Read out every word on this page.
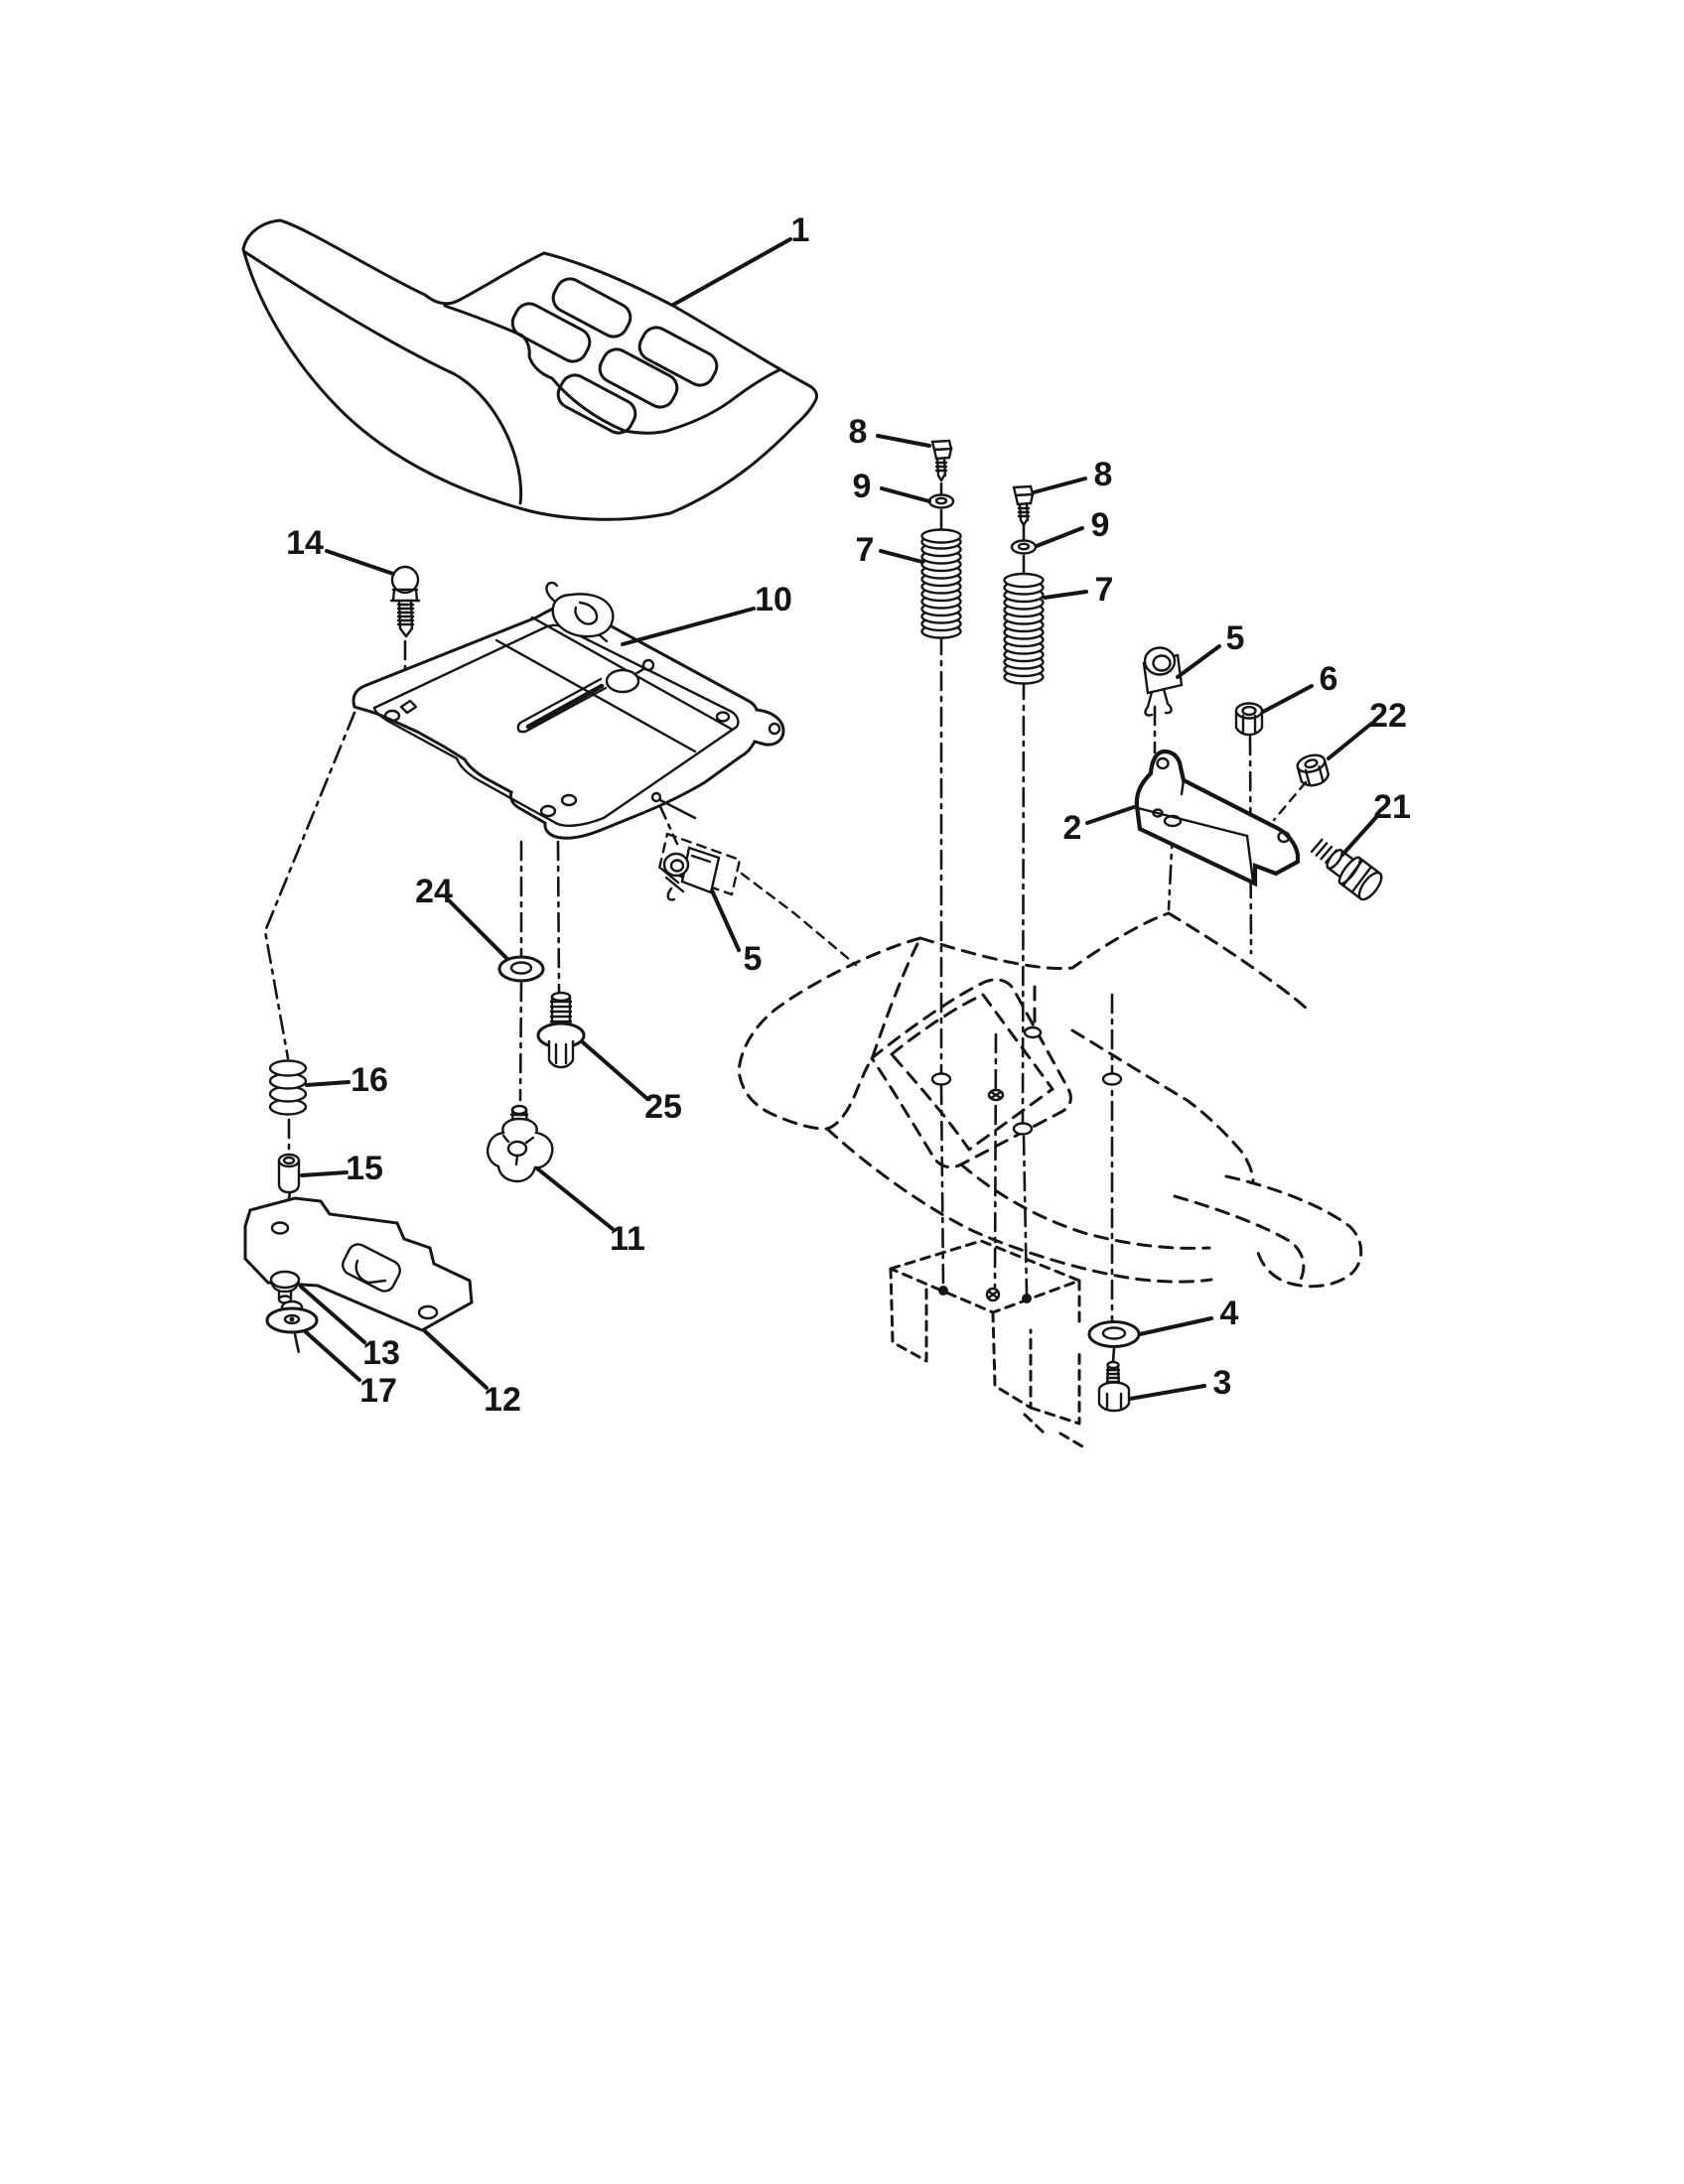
1
14
10
8
9
7
8
9
7
5
6
22
2
21
24
25
5
16
15
11
13
12
17
4
3
